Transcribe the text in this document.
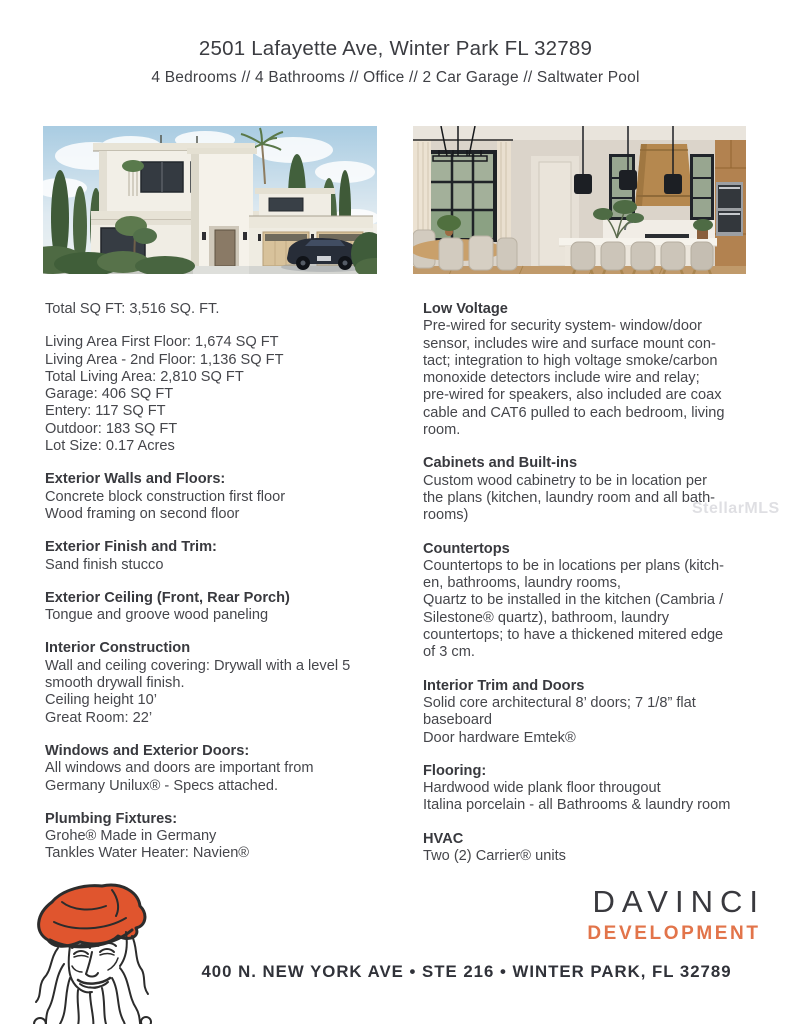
2501 Lafayette Ave, Winter Park FL 32789
4 Bedrooms // 4 Bathrooms // Office // 2 Car Garage // Saltwater Pool
Total SQ FT: 3,516 SQ. FT.
Living Area First Floor: 1,674 SQ FT
Living Area - 2nd Floor: 1,136 SQ FT
Total Living Area: 2,810 SQ FT
Garage: 406 SQ FT
Entery: 117 SQ FT
Outdoor: 183 SQ FT
Lot Size: 0.17 Acres
Exterior Walls and Floors:
Concrete block construction first floor
Wood framing on second floor
Exterior Finish and Trim:
Sand finish stucco
Exterior Ceiling (Front, Rear Porch)
Tongue and groove wood paneling
Interior Construction
Wall and ceiling covering: Drywall with a level 5
smooth drywall finish.
Ceiling height 10’
Great Room: 22’
Windows and Exterior Doors:
All windows and doors are important from
Germany Unilux® - Specs attached.
Plumbing Fixtures:
Grohe® Made in Germany
Tankles Water Heater: Navien®
Low Voltage
Pre-wired for security system- window/door
sensor, includes wire and surface mount con-
tact; integration to high voltage smoke/carbon
monoxide detectors include wire and relay;
pre-wired for speakers, also included are coax
cable and CAT6 pulled to each bedroom, living
room.
Cabinets and Built-ins
Custom wood cabinetry to be in location per
the plans (kitchen, laundry room and all bath-
rooms)
Countertops
Countertops to be in locations per plans (kitch-
en, bathrooms, laundry rooms,
Quartz to be installed in the kitchen (Cambria /
Silestone® quartz), bathroom, laundry
countertops; to have a thickened mitered edge
of 3 cm.
Interior Trim and Doors
Solid core architectural 8’ doors; 7 1/8” flat
baseboard
Door hardware Emtek®
Flooring:
Hardwood wide plank floor througout
Italina porcelain - all Bathrooms & laundry room
HVAC
Two (2) Carrier® units
StellarMLS
DAVINCI
DEVELOPMENT
400 N. NEW YORK AVE • STE 216 • WINTER PARK, FL 32789
